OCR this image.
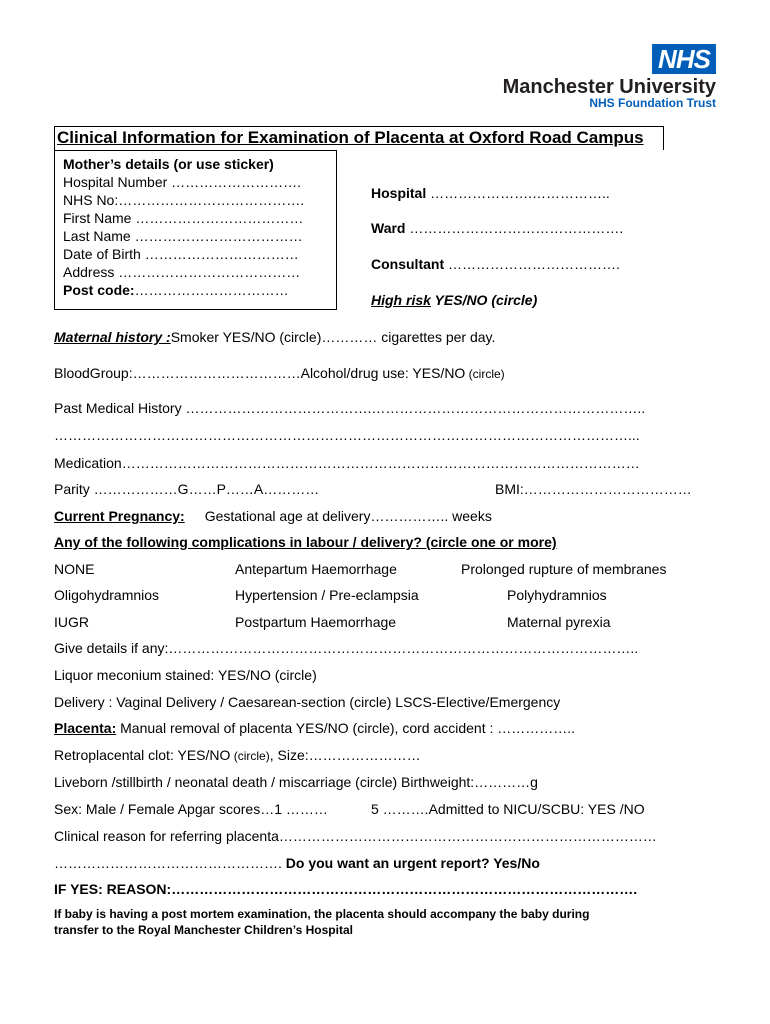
NHS
Manchester University
NHS Foundation Trust
Clinical Information for Examination of Placenta at Oxford Road Campus
Mother’s details (or use sticker)
Hospital Number ……………………….
NHS No:………………………………….
First Name ………………………………
Last Name ………………………………
Date of Birth ……………………………
Address …………………………………
Post code:……………………………
Hospital ………………….……………..
Ward ……………………………………….
Consultant ……………………………….
High risk YES/NO (circle)
Maternal history :Smoker YES/NO (circle)………… cigarettes per day.
BloodGroup:………………………………Alcohol/drug use: YES/NO (circle)
Past Medical History ………………………………….…………………………………………………..
……………………………………………………………………………………………………………...
Medication…………………………………………………………………………………………………
Parity ………………G……P……A…………	BMI:………………………………
Current Pregnancy: Gestational age at delivery…………….. weeks
Any of the following complications in labour / delivery? (circle one or more)
NONE	Antepartum Haemorrhage	Prolonged rupture of membranes
Oligohydramnios	Hypertension / Pre-eclampsia	Polyhydramnios
IUGR	Postpartum Haemorrhage	Maternal pyrexia
Give details if any:………………………………………………………………………………………..
Liquor meconium stained: YES/NO (circle)
Delivery : Vaginal Delivery / Caesarean-section (circle) LSCS-Elective/Emergency
Placenta: Manual removal of placenta YES/NO (circle), cord accident : ……………..
Retroplacental clot: YES/NO (circle), Size:……………………
Liveborn /stillbirth / neonatal death / miscarriage (circle) Birthweight:…………g
Sex: Male / Female Apgar scores…1 ………	5 ……….Admitted to NICU/SCBU: YES /NO
Clinical reason for referring placenta………………………………………………………………………
…………………………………………. Do you want an urgent report? Yes/No
IF YES: REASON:……………………………………………………………………………………….
If baby is having a post mortem examination, the placenta should accompany the baby during
transfer to the Royal Manchester Children’s Hospital
